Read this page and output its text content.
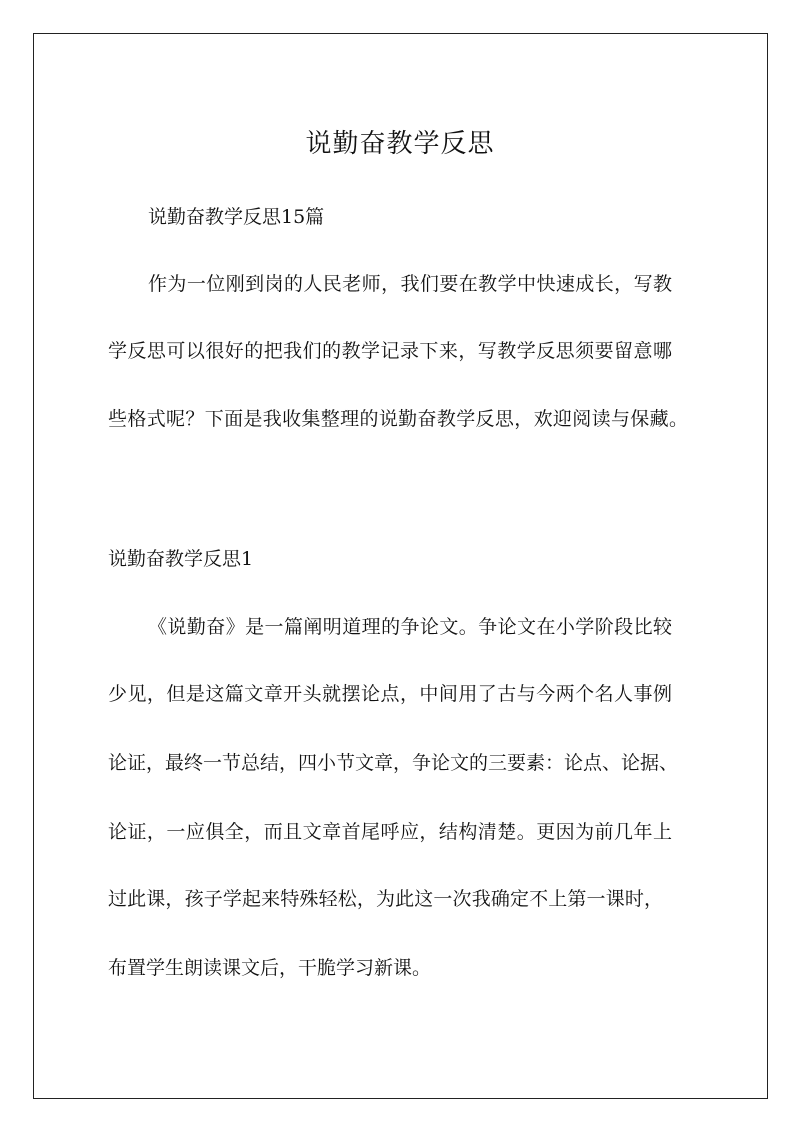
说勤奋教学反思
说勤奋教学反思15篇
作为一位刚到岗的人民老师，我们要在教学中快速成长，写教
学反思可以很好的把我们的教学记录下来，写教学反思须要留意哪
些格式呢？下面是我收集整理的说勤奋教学反思，欢迎阅读与保藏。
说勤奋教学反思1
《说勤奋》是一篇阐明道理的争论文。争论文在小学阶段比较
少见，但是这篇文章开头就摆论点，中间用了古与今两个名人事例
论证，最终一节总结，四小节文章，争论文的三要素：论点、论据、
论证，一应俱全，而且文章首尾呼应，结构清楚。更因为前几年上
过此课，孩子学起来特殊轻松，为此这一次我确定不上第一课时，
布置学生朗读课文后，干脆学习新课。
